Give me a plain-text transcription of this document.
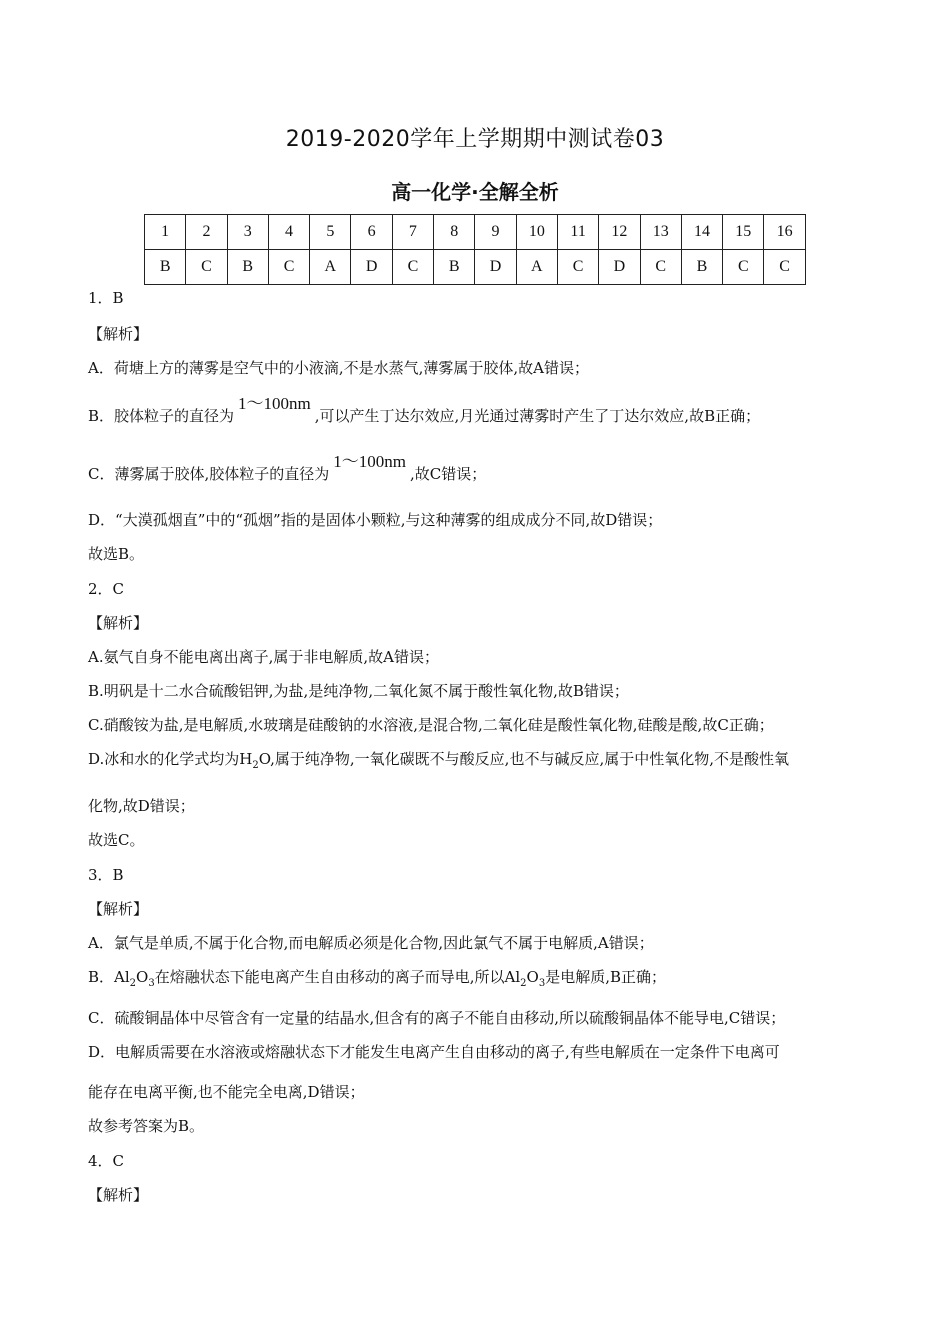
2019-2020学年上学期期中测试卷03
高一化学·全解全析
1	2	3	4	5	6	7	8	9	10	11	12	13	14	15	16
B	C	B	C	A	D	C	B	D	A	C	D	C	B	C	C

1．B

【解析】

A．荷塘上方的薄雾是空气中的小液滴,不是水蒸气,薄雾属于胶体,故A错误；

B．胶体粒子的直径为1～100nm,可以产生丁达尔效应,月光通过薄雾时产生了丁达尔效应,故B正确；

C．薄雾属于胶体,胶体粒子的直径为1～100nm,故C错误；

D．“大漠孤烟直”中的“孤烟”指的是固体小颗粒,与这种薄雾的组成成分不同,故D错误；

故选B。

2．C

【解析】

A.氨气自身不能电离出离子,属于非电解质,故A错误；

B.明矾是十二水合硫酸铝钾,为盐,是纯净物,二氧化氮不属于酸性氧化物,故B错误；

C.硝酸铵为盐,是电解质,水玻璃是硅酸钠的水溶液,是混合物,二氧化硅是酸性氧化物,硅酸是酸,故C正确；

D.冰和水的化学式均为$H_2O$,属于纯净物,一氧化碳既不与酸反应,也不与碱反应,属于中性氧化物,不是酸性氧

化物,故D错误；

故选C。

3．B

【解析】

A．氯气是单质,不属于化合物,而电解质必须是化合物,因此氯气不属于电解质,A错误；

B．$Al_2O_3$在熔融状态下能电离产生自由移动的离子而导电,所以$Al_2O_3$是电解质,B正确；

C．硫酸铜晶体中尽管含有一定量的结晶水,但含有的离子不能自由移动,所以硫酸铜晶体不能导电,C错误；

D．电解质需要在水溶液或熔融状态下才能发生电离产生自由移动的离子,有些电解质在一定条件下电离可

能存在电离平衡,也不能完全电离,D错误；

故参考答案为B。

4．C

【解析】
